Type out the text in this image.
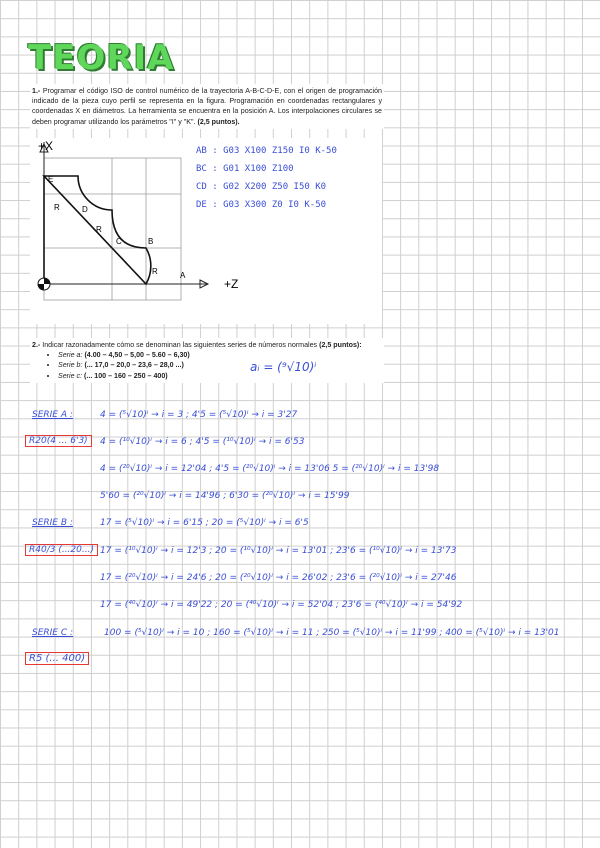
TEORIA
1.- Programar el código ISO de control numérico de la trayectoria A-B-C-D-E, con el origen de programación indicado de la pieza cuyo perfil se representa en la figura. Programación en coordenadas rectangulares y coordenadas X en diámetros. La herramienta se encuentra en la posición A. Los interpolaciones circulares se deben programar utilizando los parámetros "I" y "K". (2,5 puntos).
+X
+Z
E
D
C	B
A
R
R
R
AB : G03 X100 Z150 I0 K-50
BC : G01 X100 Z100
CD : G02 X200 Z50 I50 K0
DE : G03 X300 Z0 I0 K-50
2.- Indicar razonadamente cómo se denominan las siguientes series de números normales (2,5 puntos):
• Serie a: (4.00 – 4,50 – 5,00 – 5.60 – 6,30)
• Serie b: (... 17,0 – 20,0 – 23,6 – 28,0 ...)
• Serie c: (... 100 – 160 – 250 – 400)
aᵢ = (⁹√10)ⁱ
SERIE A :	4 = (⁵√10)ⁱ → i = 3 ; 4'5 = (⁵√10)ⁱ → i = 3'27
R20(4 ... 6'3)	4 = (¹⁰√10)ⁱ → i = 6 ; 4'5 = (¹⁰√10)ⁱ → i = 6'53
4 = (²⁰√10)ⁱ → i = 12'04 ; 4'5 = (²⁰√10)ⁱ → i = 13'06 5 = (²⁰√10)ⁱ → i = 13'98
5'60 = (²⁰√10)ⁱ → i = 14'96 ; 6'30 = (²⁰√10)ⁱ → i = 15'99
SERIE B :	17 = (⁵√10)ⁱ → i = 6'15 ; 20 = (⁵√10)ⁱ → i = 6'5
R40/3 (...20...) 17 = (¹⁰√10)ⁱ → i = 12'3 ; 20 = (¹⁰√10)ⁱ → i = 13'01 ; 23'6 = (¹⁰√10)ⁱ → i = 13'73
17 = (²⁰√10)ⁱ → i = 24'6 ; 20 = (²⁰√10)ⁱ → i = 26'02 ; 23'6 = (²⁰√10)ⁱ → i = 27'46
17 = (⁴⁰√10)ⁱ → i = 49'22 ; 20 = (⁴⁰√10)ⁱ → i = 52'04 ; 23'6 = (⁴⁰√10)ⁱ → i = 54'92
SERIE C :	100 = (⁵√10)ⁱ → i = 10 ; 160 = (⁵√10)ⁱ → i = 11 ; 250 = (⁵√10)ⁱ → i = 11'99 ; 400 = (⁵√10)ⁱ → i = 13'01
R5 (... 400)
